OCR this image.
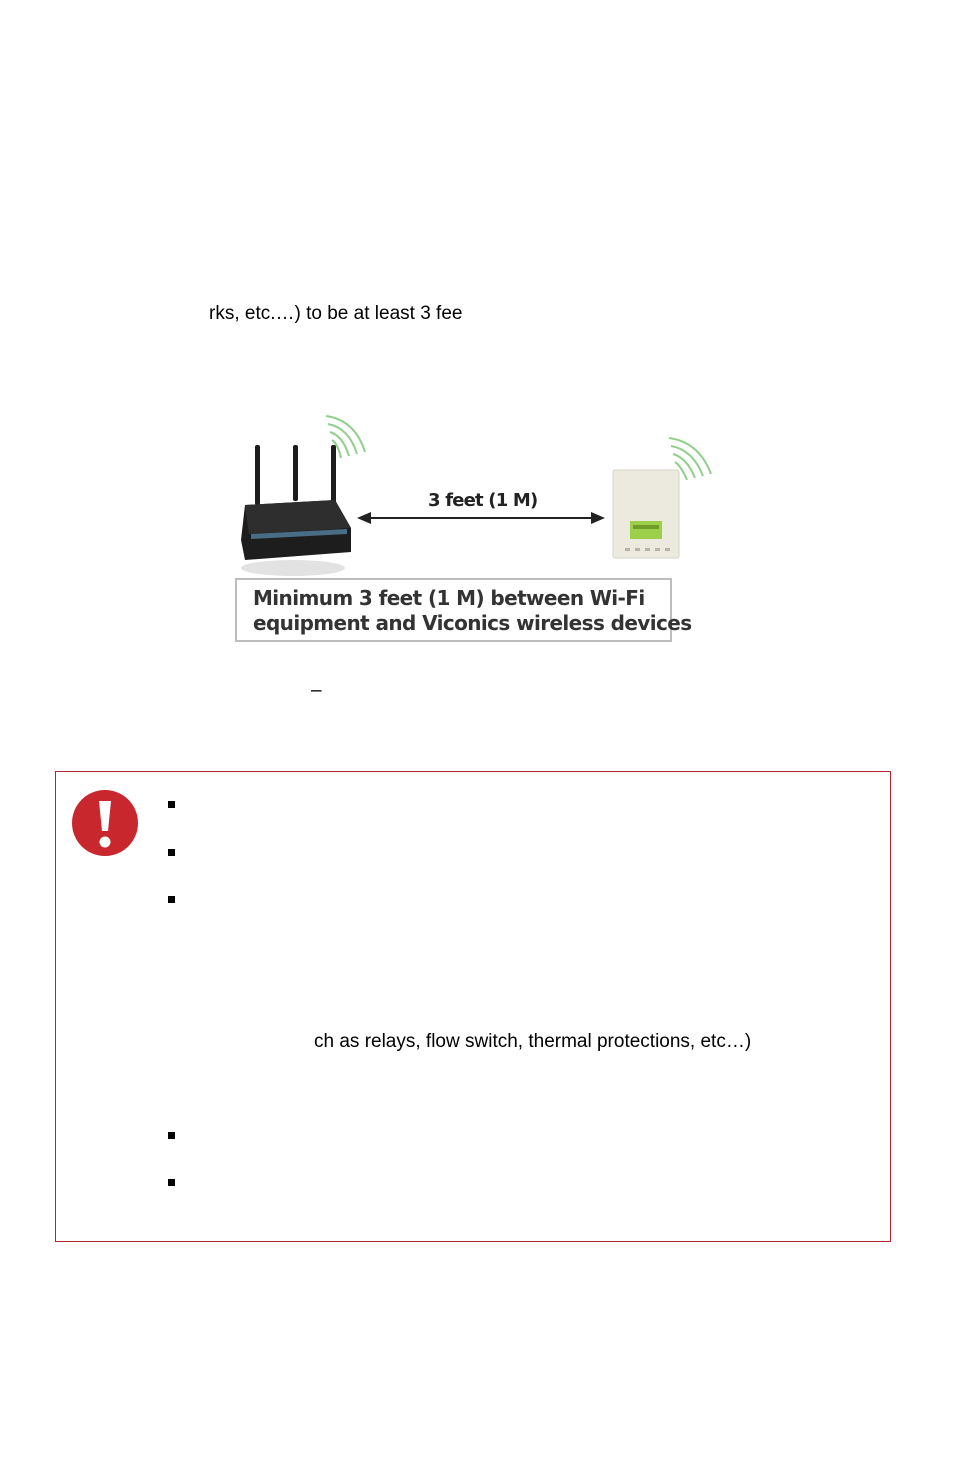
rks, etc.…) to be at least 3 fee
3 feet (1 M)
Minimum 3 feet (1 M) between Wi-Fi
equipment and Viconics wireless devices
–
ch as relays, flow switch, thermal protections, etc…)
